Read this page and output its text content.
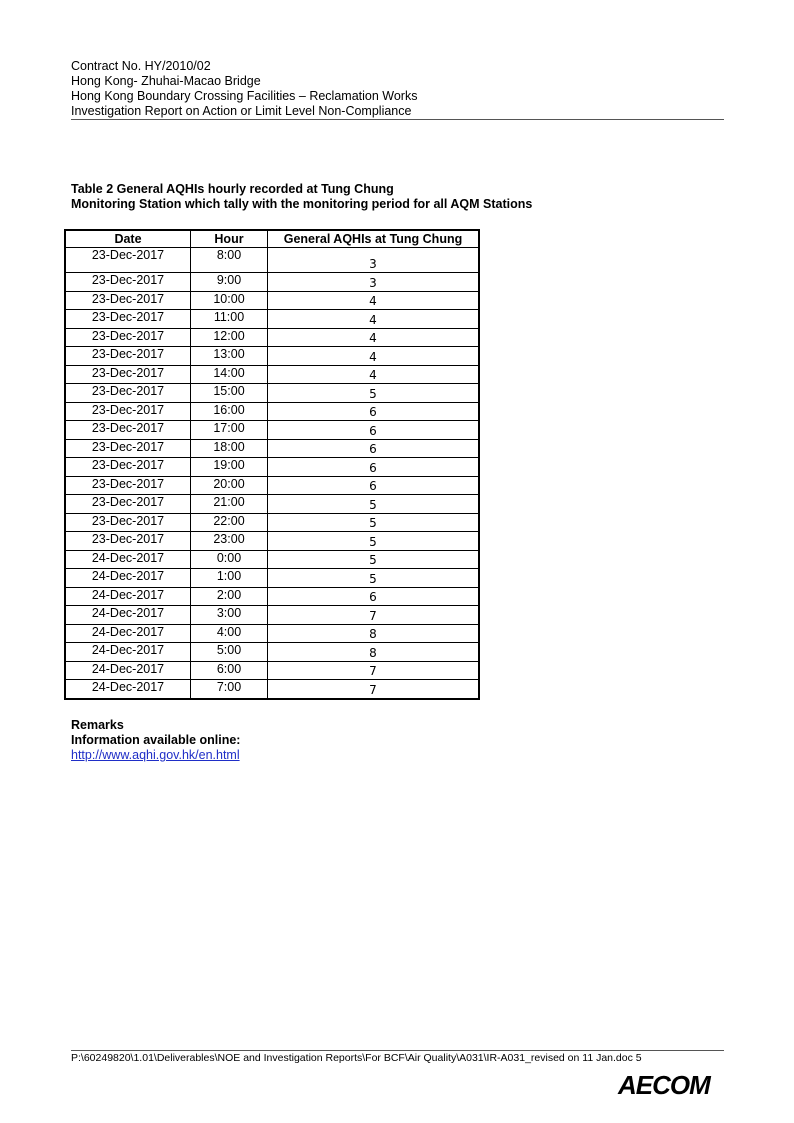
Contract No. HY/2010/02
Hong Kong- Zhuhai-Macao Bridge
Hong Kong Boundary Crossing Facilities – Reclamation Works
Investigation Report on Action or Limit Level Non-Compliance
Table 2 General AQHIs hourly recorded at Tung Chung
Monitoring Station which tally with the monitoring period for all AQM Stations
Date	Hour	General AQHIs at Tung Chung
23-Dec-2017	8:00	3
23-Dec-2017	9:00	3
23-Dec-2017	10:00	4
23-Dec-2017	11:00	4
23-Dec-2017	12:00	4
23-Dec-2017	13:00	4
23-Dec-2017	14:00	4
23-Dec-2017	15:00	5
23-Dec-2017	16:00	6
23-Dec-2017	17:00	6
23-Dec-2017	18:00	6
23-Dec-2017	19:00	6
23-Dec-2017	20:00	6
23-Dec-2017	21:00	5
23-Dec-2017	22:00	5
23-Dec-2017	23:00	5
24-Dec-2017	0:00	5
24-Dec-2017	1:00	5
24-Dec-2017	2:00	6
24-Dec-2017	3:00	7
24-Dec-2017	4:00	8
24-Dec-2017	5:00	8
24-Dec-2017	6:00	7
24-Dec-2017	7:00	7
Remarks
Information available online:
http://www.aqhi.gov.hk/en.html
P:\60249820\1.01\Deliverables\NOE and Investigation Reports\For BCF\Air Quality\A031\IR-A031_revised on 11 Jan.doc 5
AECOM
